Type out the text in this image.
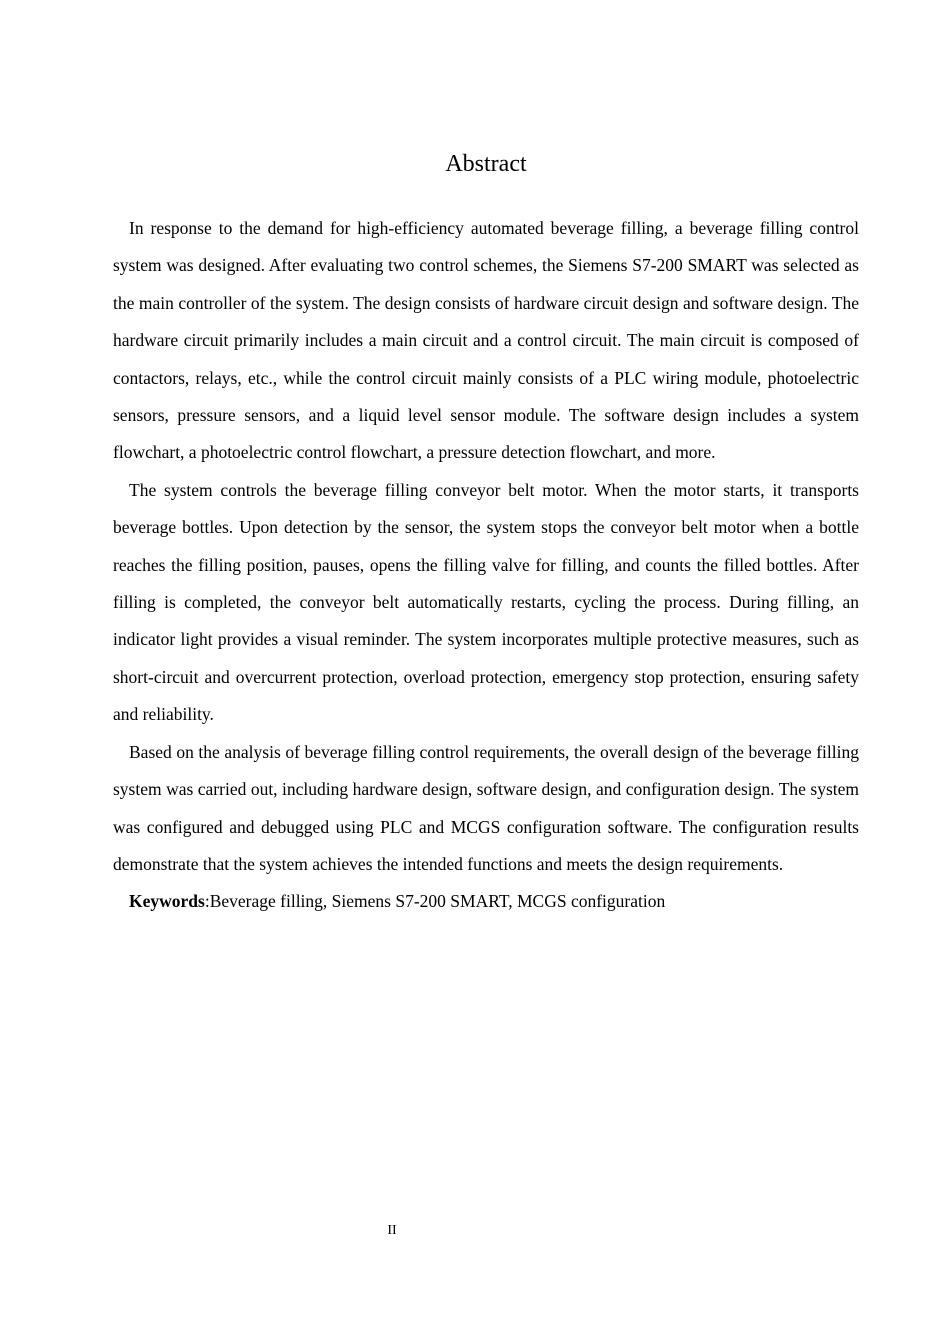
Abstract

In response to the demand for high-efficiency automated beverage filling, a beverage filling control system was designed. After evaluating two control schemes, the Siemens S7-200 SMART was selected as the main controller of the system. The design consists of hardware circuit design and software design. The hardware circuit primarily includes a main circuit and a control circuit. The main circuit is composed of contactors, relays, etc., while the control circuit mainly consists of a PLC wiring module, photoelectric sensors, pressure sensors, and a liquid level sensor module. The software design includes a system flowchart, a photoelectric control flowchart, a pressure detection flowchart, and more.

The system controls the beverage filling conveyor belt motor. When the motor starts, it transports beverage bottles. Upon detection by the sensor, the system stops the conveyor belt motor when a bottle reaches the filling position, pauses, opens the filling valve for filling, and counts the filled bottles. After filling is completed, the conveyor belt automatically restarts, cycling the process. During filling, an indicator light provides a visual reminder. The system incorporates multiple protective measures, such as short-circuit and overcurrent protection, overload protection, emergency stop protection, ensuring safety and reliability.

Based on the analysis of beverage filling control requirements, the overall design of the beverage filling system was carried out, including hardware design, software design, and configuration design. The system was configured and debugged using PLC and MCGS configuration software. The configuration results demonstrate that the system achieves the intended functions and meets the design requirements.

Keywords:Beverage filling, Siemens S7-200 SMART, MCGS configuration

II
